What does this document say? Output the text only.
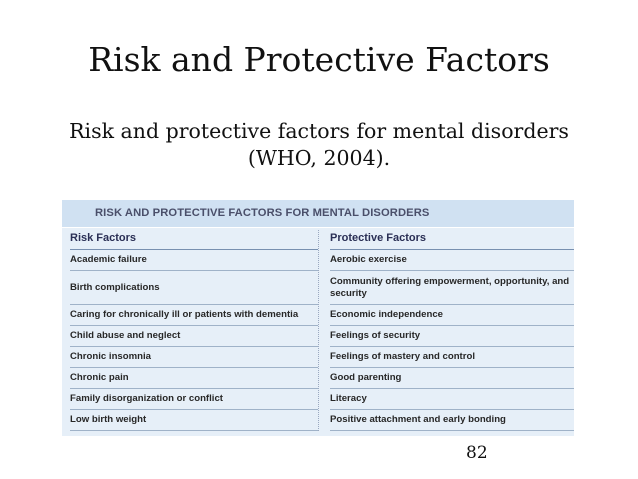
Risk and Protective Factors
Risk and protective factors for mental disorders
(WHO, 2004).
RISK AND PROTECTIVE FACTORS FOR MENTAL DISORDERS
Risk Factors
Academic failure
Birth complications
Caring for chronically ill or patients with dementia
Child abuse and neglect
Chronic insomnia
Chronic pain
Family disorganization or conflict
Low birth weight
Protective Factors
Aerobic exercise
Community offering empowerment, opportunity, and security
Economic independence
Feelings of security
Feelings of mastery and control
Good parenting
Literacy
Positive attachment and early bonding
82
